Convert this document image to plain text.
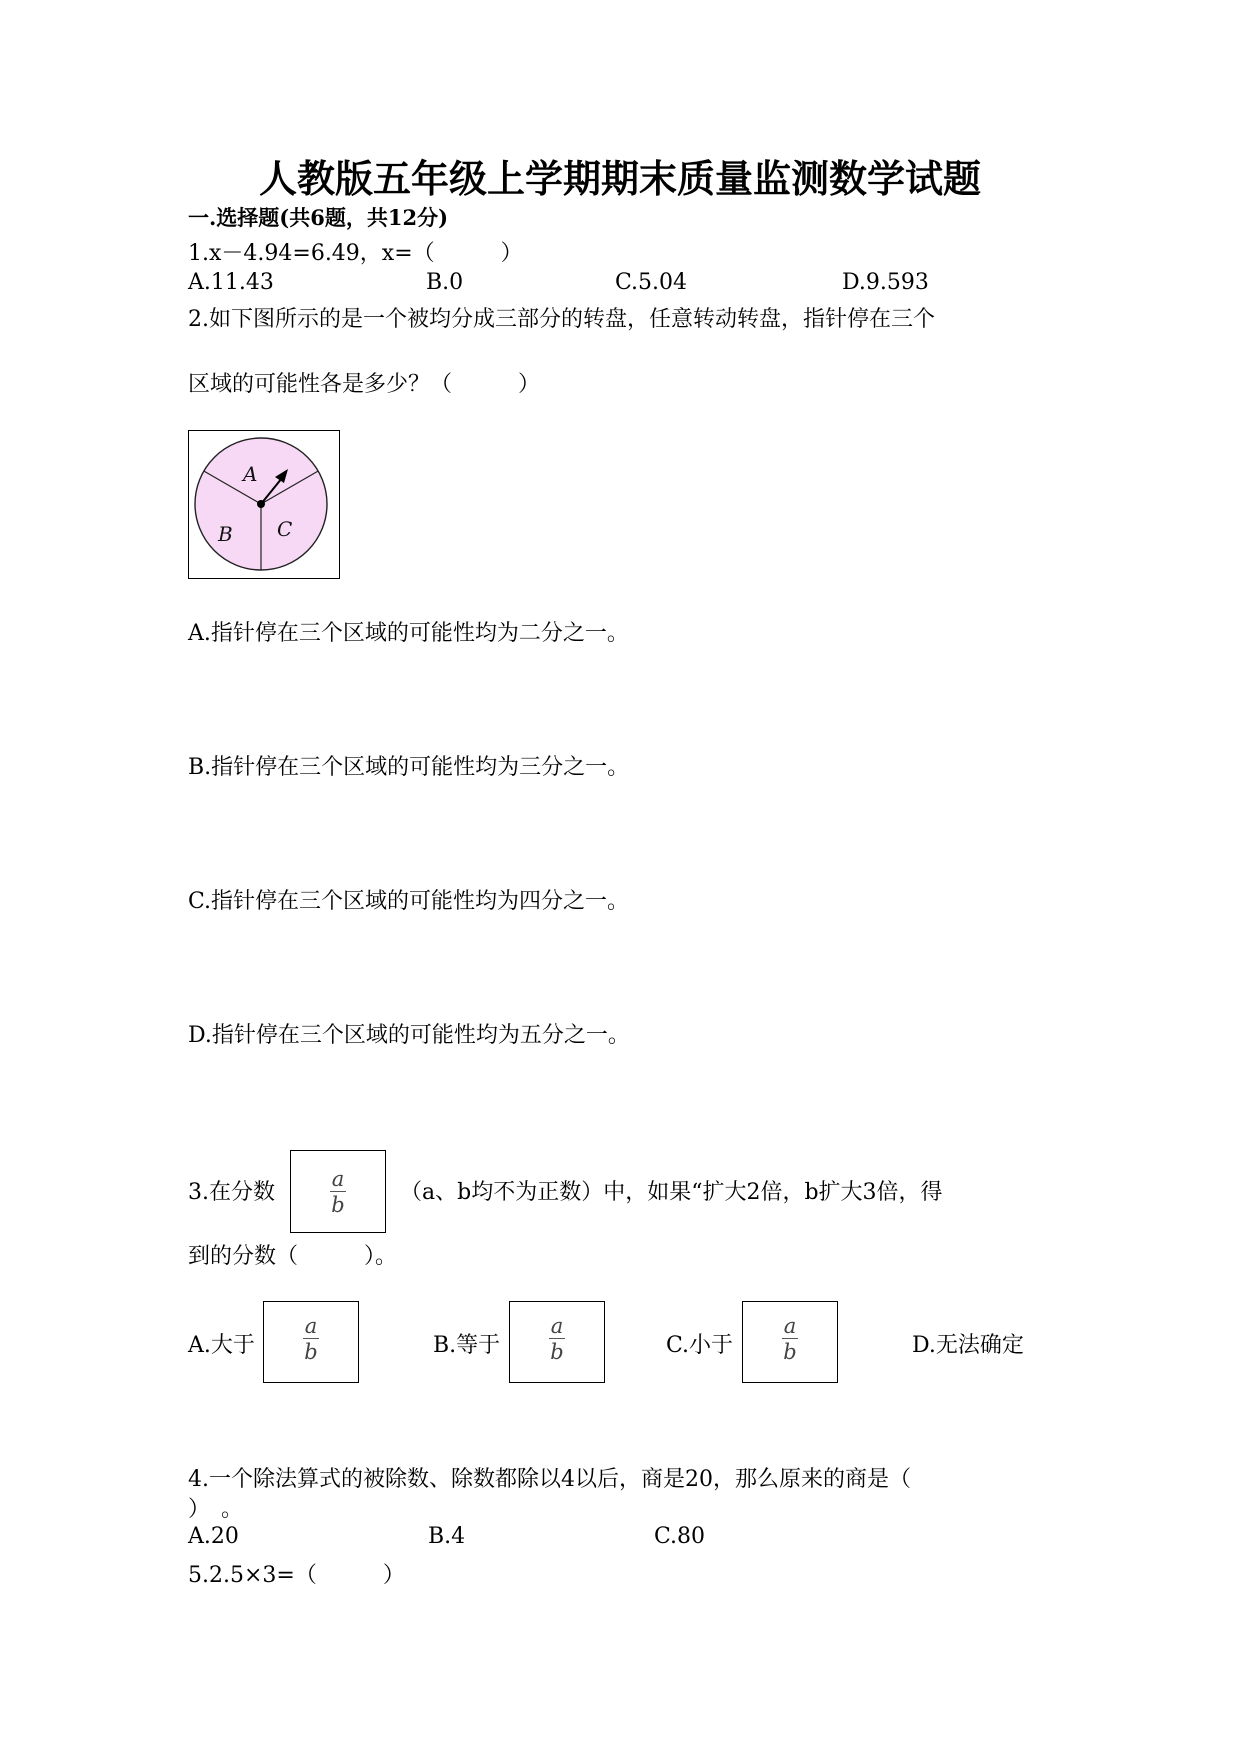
人教版五年级上学期期末质量监测数学试题
一.选择题(共6题，共12分)
1.x－4.94=6.49，x=（　　　）
A.11.43	B.0	C.5.04	D.9.593
2.如下图所示的是一个被均分成三部分的转盘，任意转动转盘，指针停在三个
区域的可能性各是多少？（　　　）
A
B C
A.指针停在三个区域的可能性均为二分之一。
B.指针停在三个区域的可能性均为三分之一。
C.指针停在三个区域的可能性均为四分之一。
D.指针停在三个区域的可能性均为五分之一。
3.在分数
a
b	（a、b均不为正数）中，如果“扩大2倍，b扩大3倍，得
到的分数（　　　）。
A.大于
a
b	B.等于
a
b	C.小于
a
b	D.无法确定
4.一个除法算式的被除数、除数都除以4以后，商是20，那么原来的商是（
）　。
A.20	B.4	C.80
5.2.5×3=（　　　）
